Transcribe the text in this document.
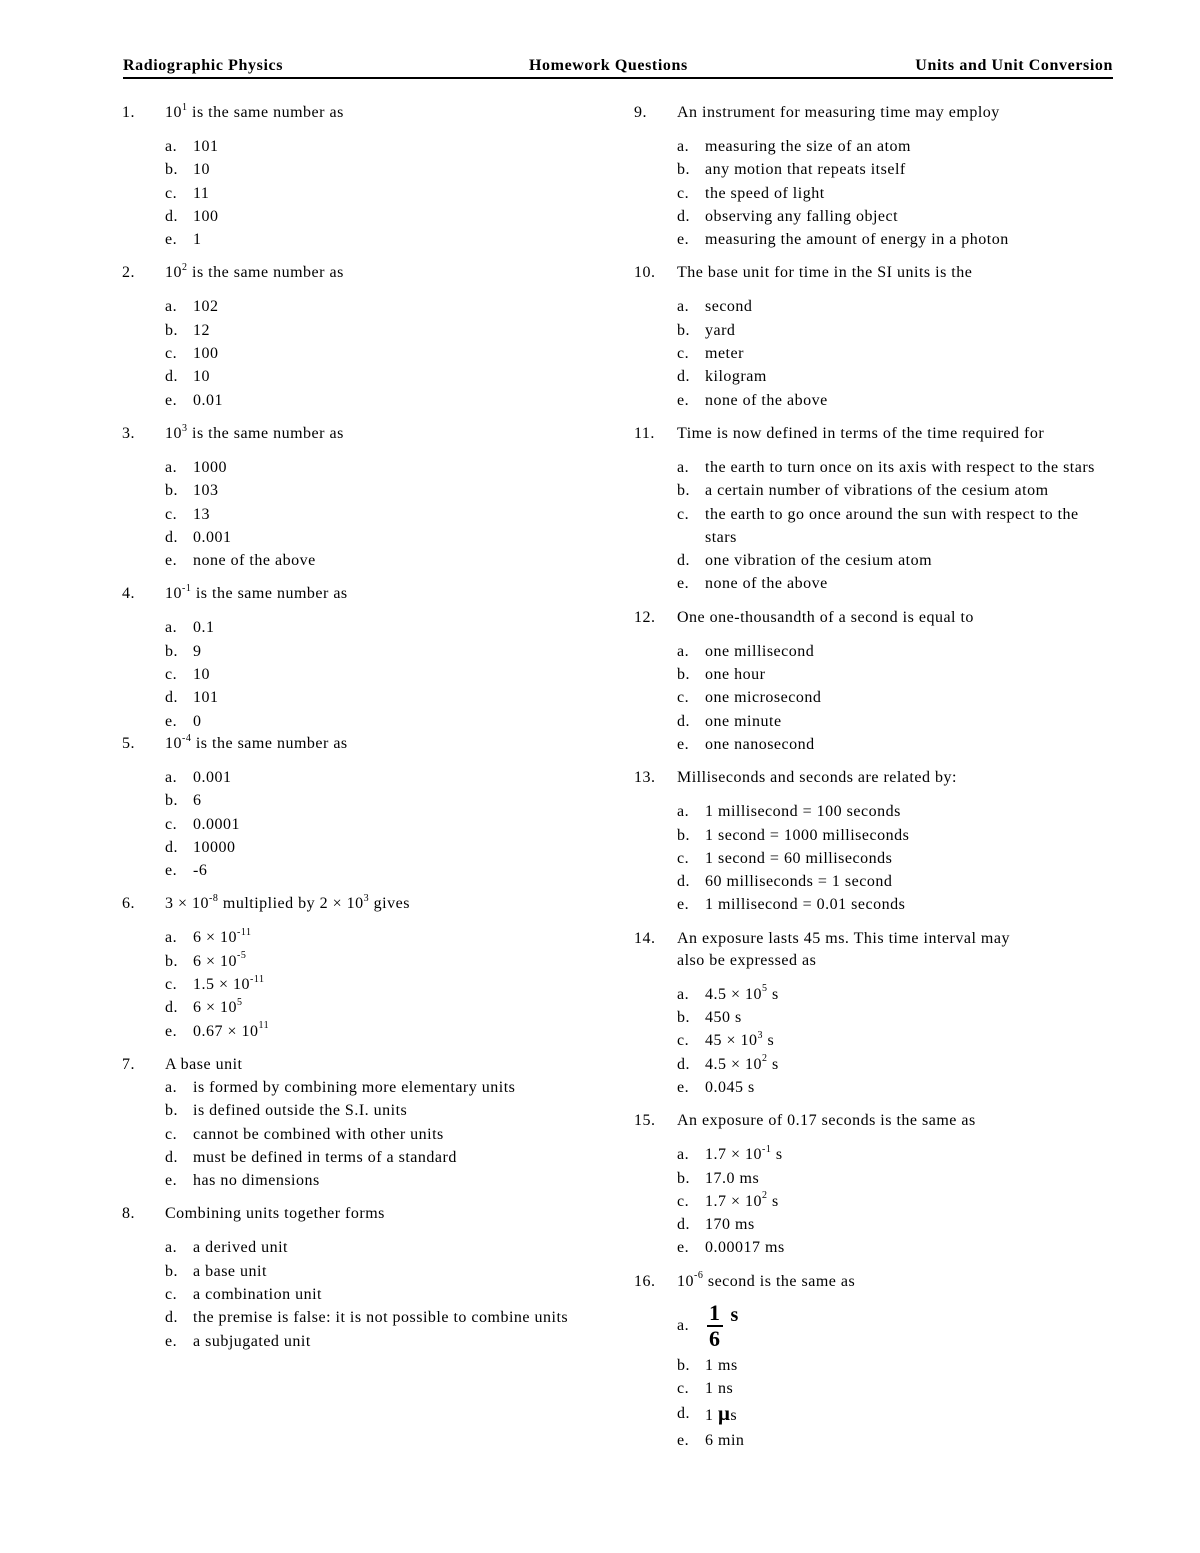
Radiographic Physics	Homework Questions	Units and Unit Conversion
1.	$10^1$ is the same number as
a. 101
b. 10
c. 11
d. 100
e. 1
2.	$10^2$ is the same number as
a. 102
b. 12
c. 100
d. 10
e. 0.01
3.	$10^3$ is the same number as
a. 1000
b. 103
c. 13
d. 0.001
e. none of the above
4.	$10^{-1}$ is the same number as
a. 0.1
b. 9
c. 10
d. 101
e. 0
5.	$10^{-4}$ is the same number as
a. 0.001
b. 6
c. 0.0001
d. 10000
e. -6
6.	$3 \times 10^{-8}$ multiplied by $2 \times 10^3$ gives
a. $6 \times 10^{-11}$
b. $6 \times 10^{-5}$
c. $1.5 \times 10^{-11}$
d. $6 \times 10^5$
e. $0.67 \times 10^{11}$
7.	A base unit
a. is formed by combining more elementary units
b. is defined outside the S.I. units
c. cannot be combined with other units
d. must be defined in terms of a standard
e. has no dimensions
8.	Combining units together forms
a. a derived unit
b. a base unit
c. a combination unit
d. the premise is false: it is not possible to combine units
e. a subjugated unit
9.	An instrument for measuring time may employ
a. measuring the size of an atom
b. any motion that repeats itself
c. the speed of light
d. observing any falling object
e. measuring the amount of energy in a photon
10.	The base unit for time in the SI units is the
a. second
b. yard
c. meter
d. kilogram
e. none of the above
11.	Time is now defined in terms of the time required for
a. the earth to turn once on its axis with respect to the stars
b. a certain number of vibrations of the cesium atom
c. the earth to go once around the sun with respect to the stars
d. one vibration of the cesium atom
e. none of the above
12.	One one-thousandth of a second is equal to
a. one millisecond
b. one hour
c. one microsecond
d. one minute
e. one nanosecond
13.	Milliseconds and seconds are related by:
a. 1 millisecond = 100 seconds
b. 1 second = 1000 milliseconds
c. 1 second = 60 milliseconds
d. 60 milliseconds = 1 second
e. 1 millisecond = 0.01 seconds
14.	An exposure lasts 45 ms. This time interval may also be expressed as
a. $4.5 \times 10^5$ s
b. 450 s
c. $45 \times 10^3$ s
d. $4.5 \times 10^2$ s
e. 0.045 s
15.	An exposure of 0.17 seconds is the same as
a. $1.7 \times 10^{-1}$ s
b. 17.0 ms
c. $1.7 \times 10^2$ s
d. 170 ms
e. 0.00017 ms
16.	$10^{-6}$ second is the same as
a. $\frac{1}{6}$ s
b. 1 ms
c. 1 ns
d. 1 μs
e. 6 min
